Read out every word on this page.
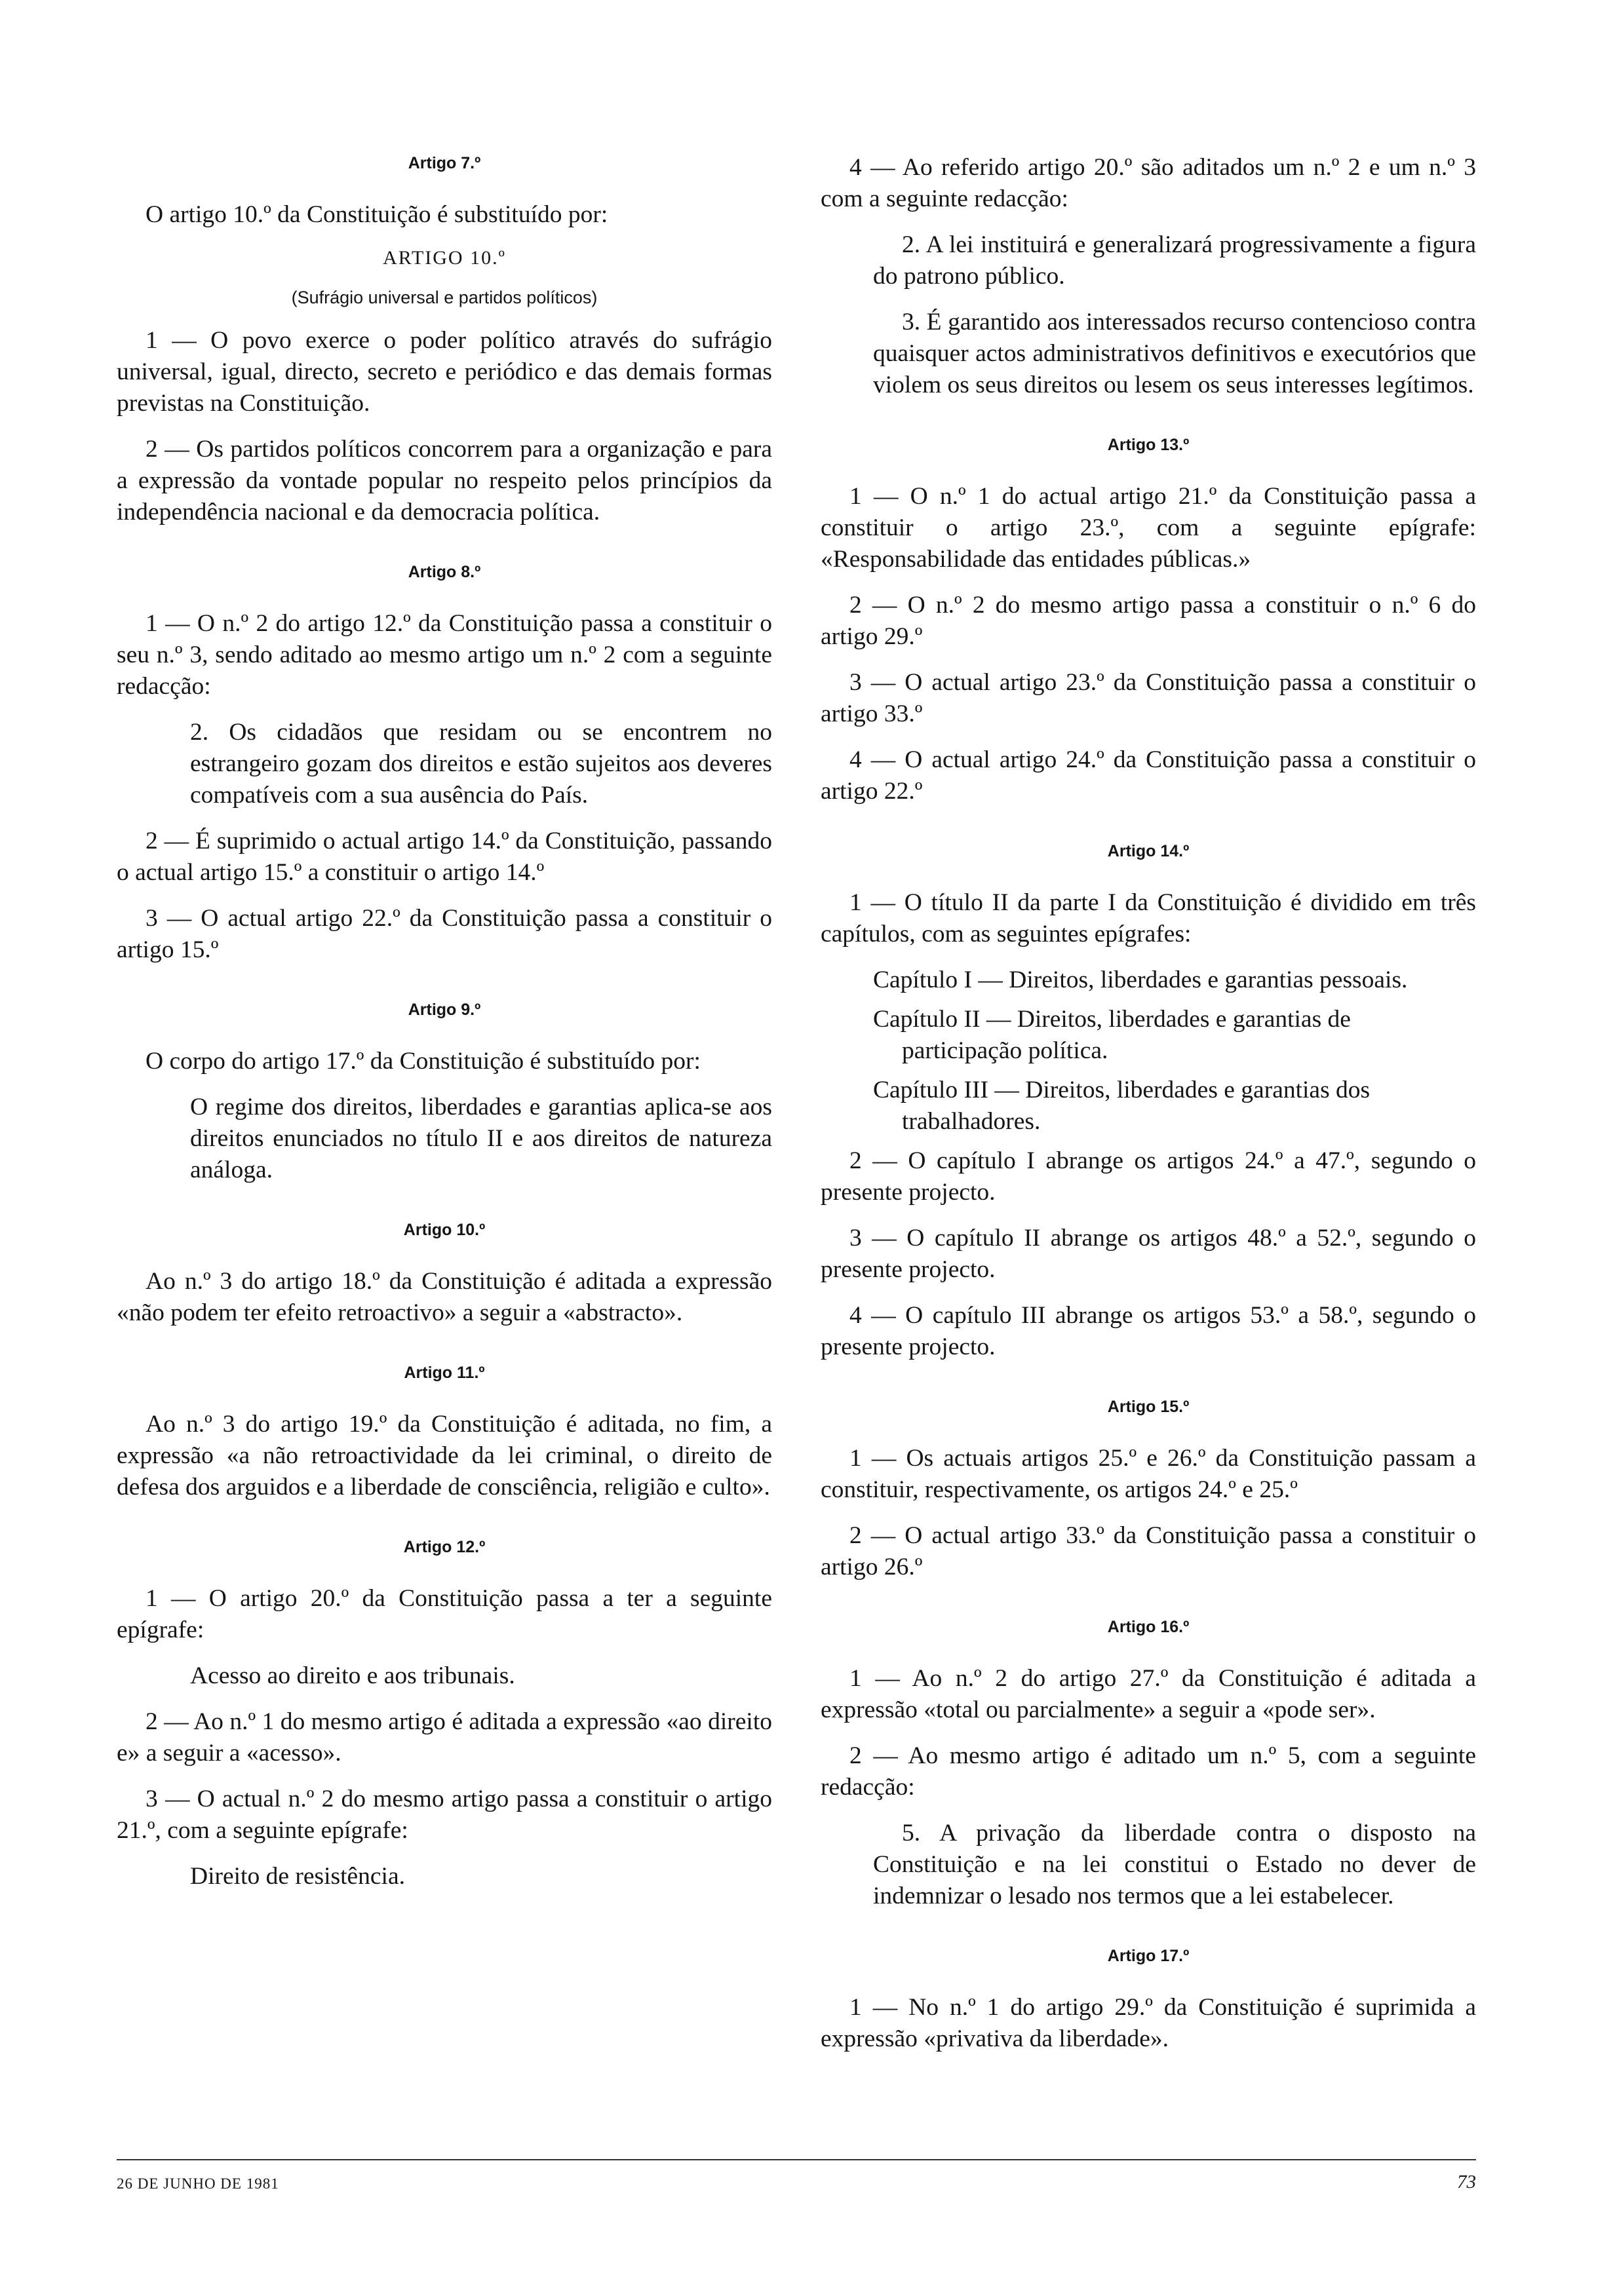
Artigo 7.º
O artigo 10.º da Constituição é substituído por:
ARTIGO 10.º
(Sufrágio universal e partidos políticos)
1 — O povo exerce o poder político através do sufrágio universal, igual, directo, secreto e periódico e das demais formas previstas na Constituição.
2 — Os partidos políticos concorrem para a organização e para a expressão da vontade popular no respeito pelos princípios da independência nacional e da democracia política.
Artigo 8.º
1 — O n.º 2 do artigo 12.º da Constituição passa a constituir o seu n.º 3, sendo aditado ao mesmo artigo um n.º 2 com a seguinte redacção:
2. Os cidadãos que residam ou se encontrem no estrangeiro gozam dos direitos e estão sujeitos aos deveres compatíveis com a sua ausência do País.
2 — É suprimido o actual artigo 14.º da Constituição, passando o actual artigo 15.º a constituir o artigo 14.º
3 — O actual artigo 22.º da Constituição passa a constituir o artigo 15.º
Artigo 9.º
O corpo do artigo 17.º da Constituição é substituído por:
O regime dos direitos, liberdades e garantias aplica-se aos direitos enunciados no título II e aos direitos de natureza análoga.
Artigo 10.º
Ao n.º 3 do artigo 18.º da Constituição é aditada a expressão «não podem ter efeito retroactivo» a seguir a «abstracto».
Artigo 11.º
Ao n.º 3 do artigo 19.º da Constituição é aditada, no fim, a expressão «a não retroactividade da lei criminal, o direito de defesa dos arguidos e a liberdade de consciência, religião e culto».
Artigo 12.º
1 — O artigo 20.º da Constituição passa a ter a seguinte epígrafe:
Acesso ao direito e aos tribunais.
2 — Ao n.º 1 do mesmo artigo é aditada a expressão «ao direito e» a seguir a «acesso».
3 — O actual n.º 2 do mesmo artigo passa a constituir o artigo 21.º, com a seguinte epígrafe:
Direito de resistência.
4 — Ao referido artigo 20.º são aditados um n.º 2 e um n.º 3 com a seguinte redacção:
2. A lei instituirá e generalizará progressivamente a figura do patrono público.
3. É garantido aos interessados recurso contencioso contra quaisquer actos administrativos definitivos e executórios que violem os seus direitos ou lesem os seus interesses legítimos.
Artigo 13.º
1 — O n.º 1 do actual artigo 21.º da Constituição passa a constituir o artigo 23.º, com a seguinte epígrafe: «Responsabilidade das entidades públicas.»
2 — O n.º 2 do mesmo artigo passa a constituir o n.º 6 do artigo 29.º
3 — O actual artigo 23.º da Constituição passa a constituir o artigo 33.º
4 — O actual artigo 24.º da Constituição passa a constituir o artigo 22.º
Artigo 14.º
1 — O título II da parte I da Constituição é dividido em três capítulos, com as seguintes epígrafes:
Capítulo I — Direitos, liberdades e garantias pessoais.
Capítulo II — Direitos, liberdades e garantias de participação política.
Capítulo III — Direitos, liberdades e garantias dos trabalhadores.
2 — O capítulo I abrange os artigos 24.º a 47.º, segundo o presente projecto.
3 — O capítulo II abrange os artigos 48.º a 52.º, segundo o presente projecto.
4 — O capítulo III abrange os artigos 53.º a 58.º, segundo o presente projecto.
Artigo 15.º
1 — Os actuais artigos 25.º e 26.º da Constituição passam a constituir, respectivamente, os artigos 24.º e 25.º
2 — O actual artigo 33.º da Constituição passa a constituir o artigo 26.º
Artigo 16.º
1 — Ao n.º 2 do artigo 27.º da Constituição é aditada a expressão «total ou parcialmente» a seguir a «pode ser».
2 — Ao mesmo artigo é aditado um n.º 5, com a seguinte redacção:
5. A privação da liberdade contra o disposto na Constituição e na lei constitui o Estado no dever de indemnizar o lesado nos termos que a lei estabelecer.
Artigo 17.º
1 — No n.º 1 do artigo 29.º da Constituição é suprimida a expressão «privativa da liberdade».
26 DE JUNHO DE 1981	73
